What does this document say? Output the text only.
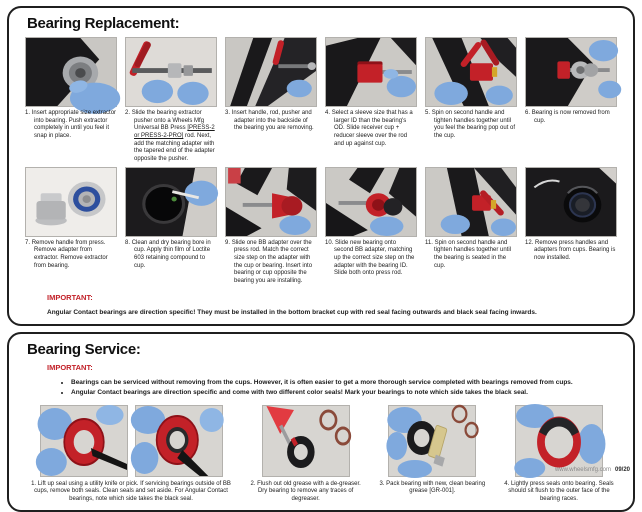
Bearing Replacement:
1. Insert appropriate size extractor into bearing. Push extractor completely in until you feel it snap in place.
2. Slide the bearing extractor pusher onto a Wheels Mfg Universal BB Press [PRESS-2 or PRESS-2-PRO] rod. Next, add the matching adapter with the tapered end of the adapter opposite the pusher.
3. Insert handle, rod, pusher and adapter into the backside of the bearing you are removing.
4. Select a sleeve size that has a larger ID than the bearing's OD. Slide receiver cup + reducer sleeve over the rod and up against cup.
5. Spin on second handle and tighten handles together until you feel the bearing pop out of the cup.
6. Bearing is now removed from cup.
7. Remove handle from press. Remove adapter from extractor. Remove extractor from bearing.
8. Clean and dry bearing bore in cup. Apply thin film of Loctite 603 retaining compound to cup.
9. Slide one BB adapter over the press rod. Match the correct size step on the adapter with the cup or bearing. Insert into bearing or cup opposite the bearing you are installing.
10. Slide new bearing onto second BB adapter, matching up the correct size step on the adapter with the bearing ID. Slide both onto press rod.
11. Spin on second handle and tighten handles together until the bearing is seated in the cup.
12. Remove press handles and adapters from cups. Bearing is now installed.
IMPORTANT:
Angular Contact bearings are direction specific! They must be installed in the bottom bracket cup with red seal facing outwards and black seal facing inwards.
Bearing Service:
IMPORTANT:
• Bearings can be serviced without removing from the cups. However, it is often easier to get a more thorough service completed with bearings removed from cups.
• Angular Contact bearings are direction specific and come with two different color seals! Mark your bearings to note which side takes the black seal.
1. Lift up seal using a utility knife or pick. If servicing bearings outside of BB cups, remove both seals. Clean seals and set aside. For Angular Contact bearings, note which side takes the black seal.
2. Flush out old grease with a de-greaser. Dry bearing to remove any traces of degreaser.
3. Pack bearing with new, clean bearing grease [GR-001].
4. Lightly press seals onto bearing. Seals should sit flush to the outer face of the bearing races.
www.wheelsmfg.com 09/20
